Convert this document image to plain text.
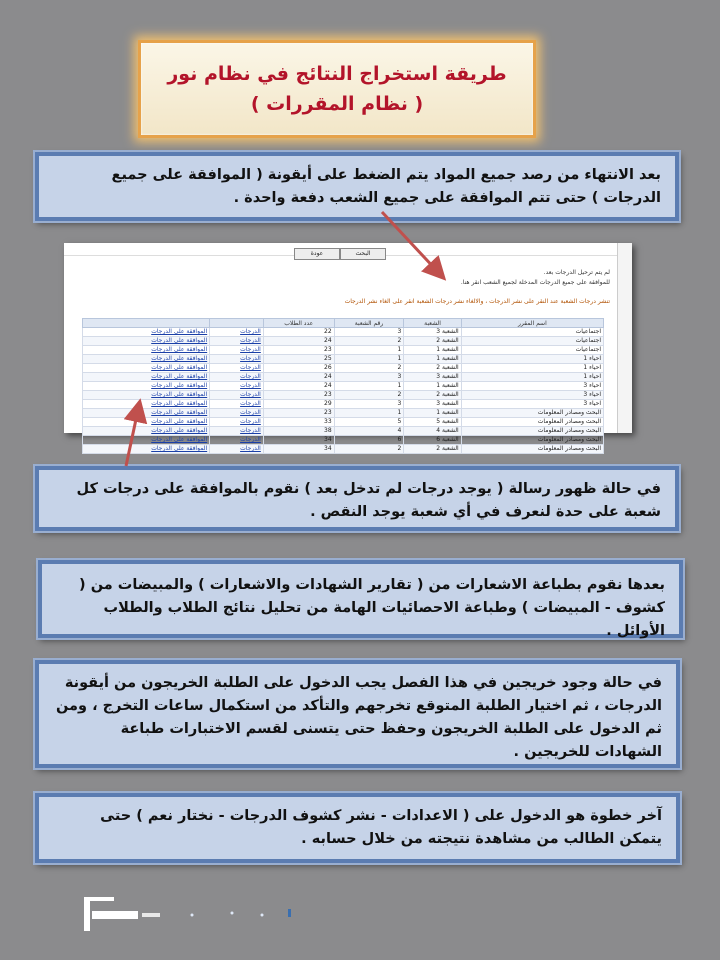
طريقة استخراج النتائج في نظام نور
( نظام المقررات )

بعد الانتهاء من رصد جميع المواد يتم الضغط على أيقونة ( الموافقة على جميع الدرجات ) حتى تتم الموافقة على جميع الشعب دفعة واحدة .

البحث
عودة
لم يتم ترحيل الدرجات بعد.
للموافقة على جميع الدرجات المدخلة لجميع الشعب انقر هنا.
تنشر درجات الشعبة عند النقر على نشر الدرجات ، والالغاء نشر درجات الشعبة انقر على الغاء نشر الدرجات
اسم المقرر	الشعبة	رقم الشعبة	عدد الطلاب		
اجتماعيات	الشعبة 3	3	22	الدرجات	الموافقة على الدرجات
اجتماعيات	الشعبة 2	2	24	الدرجات	الموافقة على الدرجات
اجتماعيات	الشعبة 1	1	23	الدرجات	الموافقة على الدرجات
احياء 1	الشعبة 1	1	25	الدرجات	الموافقة على الدرجات
احياء 1	الشعبة 2	2	26	الدرجات	الموافقة على الدرجات
احياء 1	الشعبة 3	3	24	الدرجات	الموافقة على الدرجات
احياء 3	الشعبة 1	1	24	الدرجات	الموافقة على الدرجات
احياء 3	الشعبة 2	2	23	الدرجات	الموافقة على الدرجات
احياء 3	الشعبة 3	3	29	الدرجات	الموافقة على الدرجات
البحث ومصادر المعلومات	الشعبة 1	1	23	الدرجات	الموافقة على الدرجات
البحث ومصادر المعلومات	الشعبة 5	5	33	الدرجات	الموافقة على الدرجات
البحث ومصادر المعلومات	الشعبة 4	4	38	الدرجات	الموافقة على الدرجات
البحث ومصادر المعلومات	الشعبة 6	6	34	الدرجات	الموافقة على الدرجات
البحث ومصادر المعلومات	الشعبة 2	2	34	الدرجات	الموافقة على الدرجات

في حالة ظهور رسالة ( يوجد درجات لم تدخل بعد ) نقوم بالموافقة على درجات كل شعبة على حدة لنعرف في أي شعبة يوجد النقص .

بعدها نقوم بطباعة الاشعارات من ( تقارير الشهادات والاشعارات ) والمبيضات من ( كشوف - المبيضات ) وطباعة الاحصائيات الهامة من تحليل نتائج الطلاب والطلاب الأوائل .

في حالة وجود خريجين في هذا الفصل يجب الدخول على الطلبة الخريجون من أيقونة الدرجات ، ثم اختيار الطلبة المتوقع تخرجهم والتأكد من استكمال ساعات التخرج ، ومن ثم الدخول على الطلبة الخريجون وحفظ حتى يتسنى لقسم الاختبارات طباعة الشهادات للخريجين .

آخر خطوة هو الدخول على ( الاعدادات - نشر كشوف الدرجات - نختار نعم ) حتى يتمكن الطالب من مشاهدة نتيجته من خلال حسابه .
